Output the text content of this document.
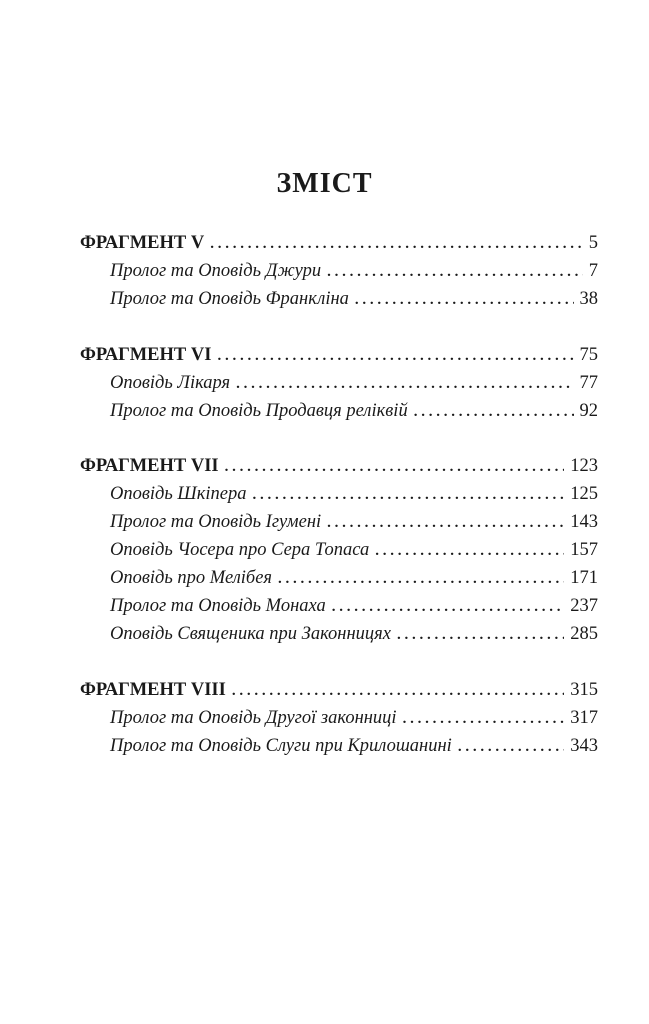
ЗМІСТ
ФРАГМЕНТ V . . .	5
Пролог та Оповідь Джури . . .	7
Пролог та Оповідь Франкліна . . .	38
ФРАГМЕНТ VI . . .	75
Оповідь Лікаря . . .	77
Пролог та Оповідь Продавця реліквій . . .	92
ФРАГМЕНТ VII . . .	123
Оповідь Шкіпера . . .	125
Пролог та Оповідь Ігумені . . .	143
Оповідь Чосера про Сера Топаса . . .	157
Оповідь про Мелібея . . .	171
Пролог та Оповідь Монаха . . .	237
Оповідь Священика при Законницях . . .	285
ФРАГМЕНТ VIII . . .	315
Пролог та Оповідь Другої законниці . . .	317
Пролог та Оповідь Слуги при Крилошанині . . .	343
